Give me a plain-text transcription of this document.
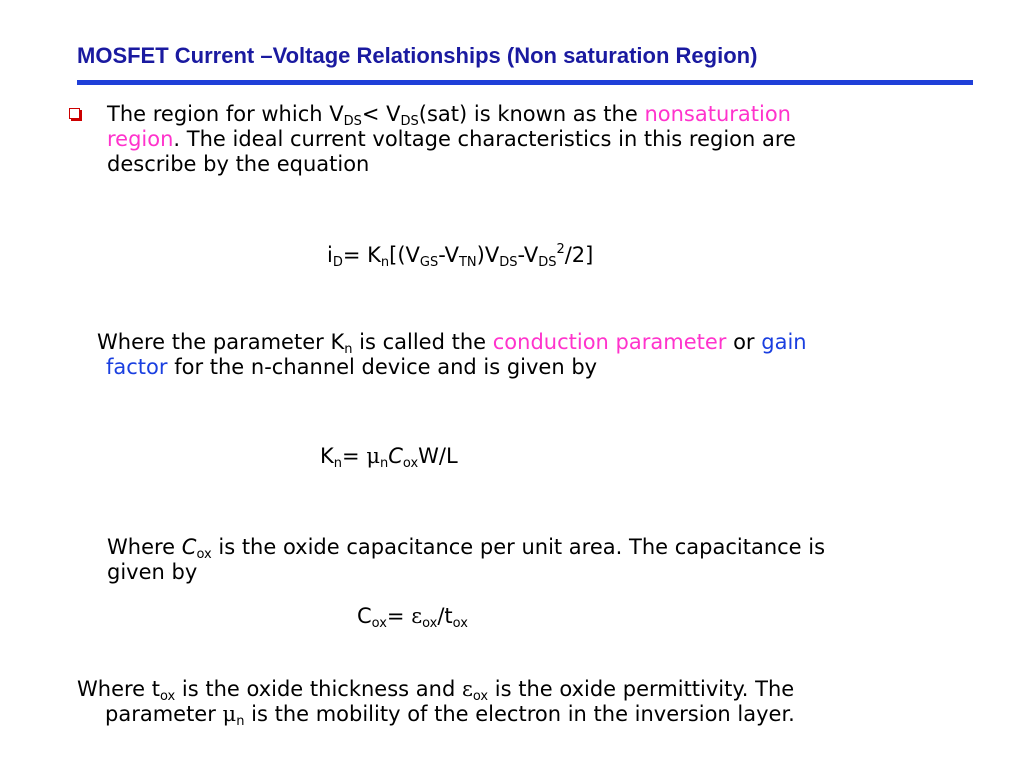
MOSFET Current –Voltage Relationships (Non saturation Region)
The region for which $V_{DS}< V_{DS}(sat)$ is known as the nonsaturation
region. The ideal current voltage characteristics in this region are
describe by the equation
$i_D= K_n[(V_{GS}-V_{TN})V_{DS}-V_{DS}^2/2]$
Where the parameter $K_n$ is called the conduction parameter or gain
factor for the n-channel device and is given by
$K_n= \mu_nC_{ox}W/L$
Where $C_{ox}$ is the oxide capacitance per unit area. The capacitance is
given by
$C_{ox}= \varepsilon_{ox}/t_{ox}$
Where $t_{ox}$ is the oxide thickness and $\varepsilon_{ox}$ is the oxide permittivity. The
parameter $\mu_n$ is the mobility of the electron in the inversion layer.
